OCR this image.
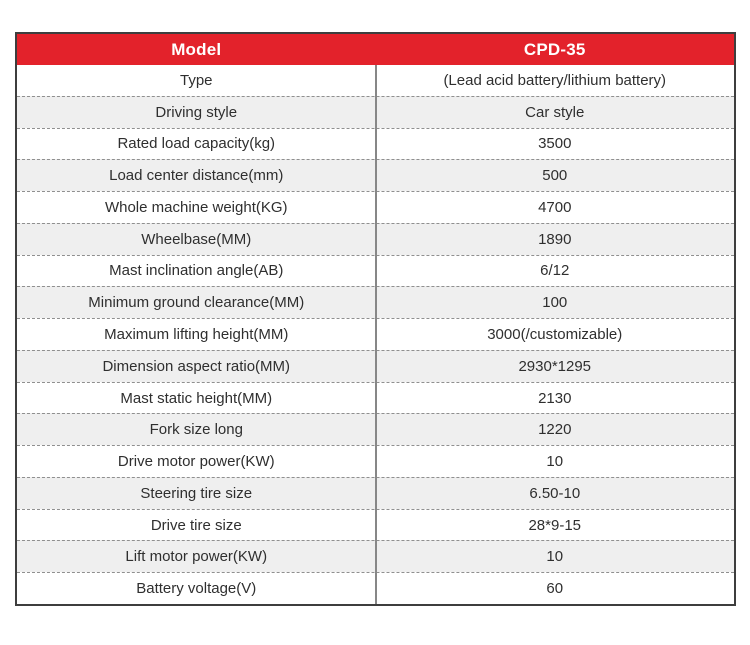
Model	CPD-35
Type	(Lead acid battery/lithium battery)
Driving style	Car style
Rated load capacity(kg)	3500
Load center distance(mm)	500
Whole machine weight(KG)	4700
Wheelbase(MM)	1890
Mast inclination angle(AB)	6/12
Minimum ground clearance(MM)	100
Maximum lifting height(MM)	3000(/customizable)
Dimension aspect ratio(MM)	2930*1295
Mast static height(MM)	2130
Fork size long	1220
Drive motor power(KW)	10
Steering tire size	6.50-10
Drive tire size	28*9-15
Lift motor power(KW)	10
Battery voltage(V)	60
